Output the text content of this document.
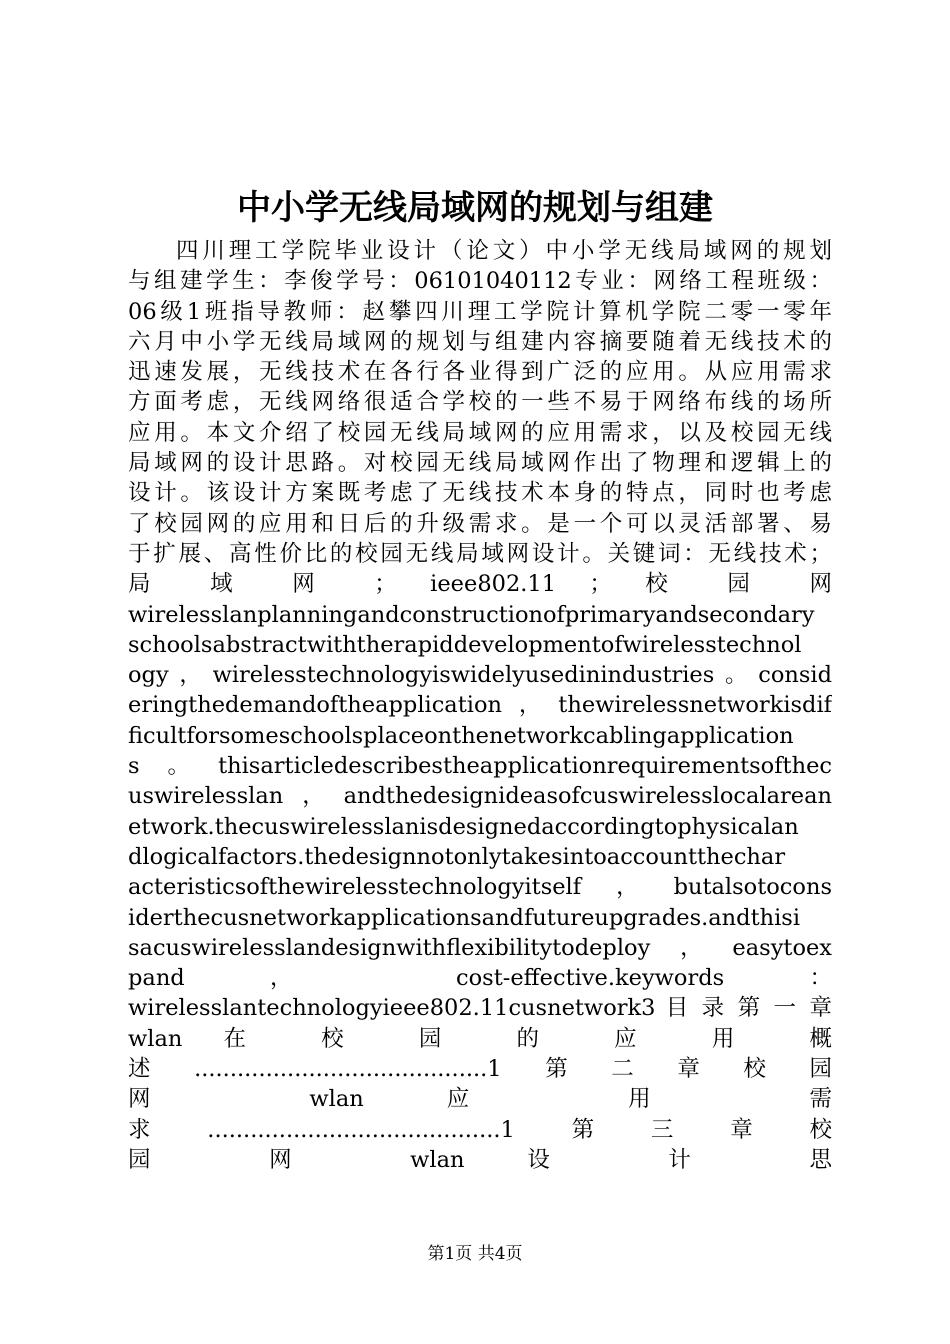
中小学无线局域网的规划与组建
四川理工学院毕业设计（论文）中小学无线局域网的规划
与组建学生：李俊学号：06101040112专业：网络工程班级：
06级1班指导教师：赵攀四川理工学院计算机学院二零一零年
六月中小学无线局域网的规划与组建内容摘要随着无线技术的
迅速发展，无线技术在各行各业得到广泛的应用。从应用需求
方面考虑，无线网络很适合学校的一些不易于网络布线的场所
应用。本文介绍了校园无线局域网的应用需求，以及校园无线
局域网的设计思路。对校园无线局域网作出了物理和逻辑上的
设计。该设计方案既考虑了无线技术本身的特点，同时也考虑
了校园网的应用和日后的升级需求。是一个可以灵活部署、易
于扩展、高性价比的校园无线局域网设计。关键词：无线技术；
局 域 网 ； ieee802.11 ； 校 园 网
wirelesslanplanningandconstructionofprimaryandsecondary
schoolsabstractwiththerapiddevelopmentofwirelesstechnol
ogy，wirelesstechnologyiswidelyusedinindustries。consid
eringthedemandoftheapplication，thewirelessnetworkisdif
ficultforsomeschoolsplaceonthenetworkcablingapplication
s。thisarticledescribestheapplicationrequirementsofthec
uswirelesslan，andthedesignideasofcuswirelesslocalarean
etwork.thecuswirelesslanisdesignedaccordingtophysicalan
dlogicalfactors.thedesignnotonlytakesintoaccountthechar
acteristicsofthewirelesstechnologyitself，butalsotocons
iderthecusnetworkapplicationsandfutureupgrades.andthisi
sacuswirelesslandesignwithflexibilitytodeploy，easytoex
pand ， cost-effective.keywords ：
wirelesslantechnologyieee802.11cusnetwork3 目 录 第 一 章
wlan 在 校 园 的 应 用 概
述.........................................1第二章校园
网 wlan 应 用 需
求.........................................1第三章校
园 网 wlan 设 计 思
第1页 共4页
